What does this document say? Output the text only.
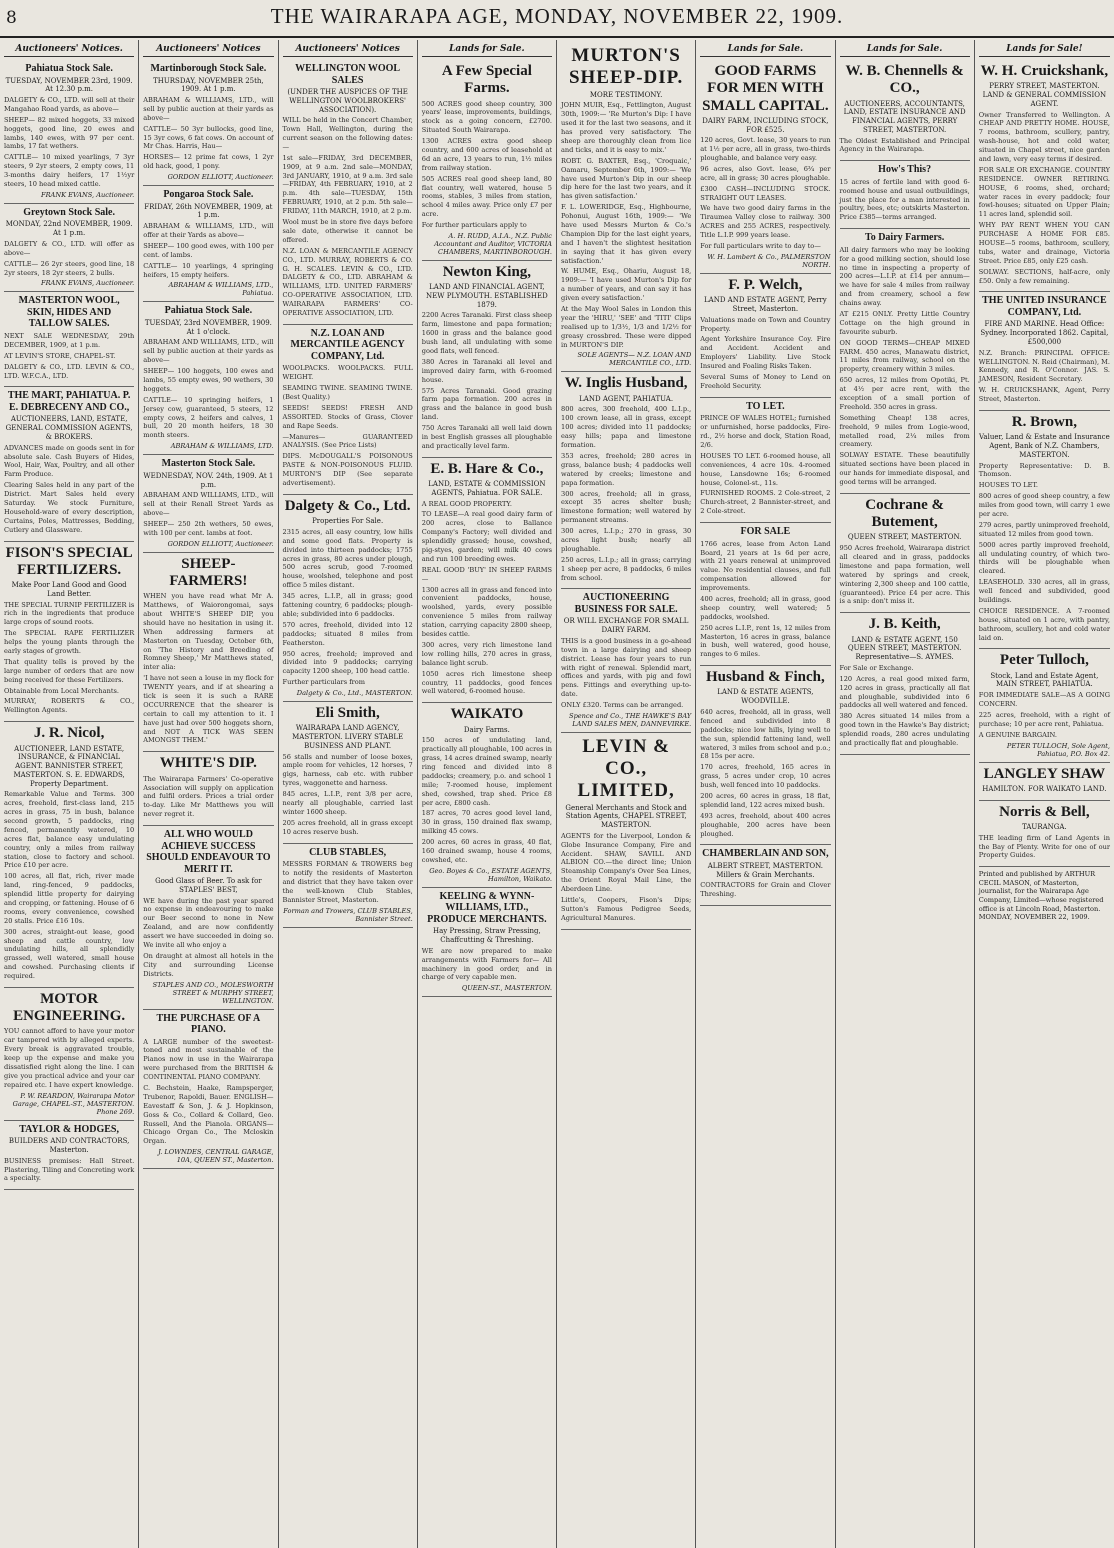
8	THE WAIRARAPA AGE, MONDAY, NOVEMBER 22, 1909.
Auctioneers' Notices.
Pahiatua Stock Sale.
TUESDAY, NOVEMBER 23rd, 1909. At 12.30 p.m.

DALGETY & CO., LTD. will sell at their Mangahao Road yards, as above—

SHEEP— 82 mixed hoggets, 33 mixed hoggets, good line, 20 ewes and lambs, 140 ewes, with 97 per cent. lambs, 17 fat wethers.

CATTLE— 10 mixed yearlings, 7 3yr steers, 9 2yr steers, 2 empty cows, 11 3-months dairy heifers, 17 1½yr steers, 10 head mixed cattle.

FRANK EVANS, Auctioneer.
Greytown Stock Sale.
MONDAY, 22nd NOVEMBER, 1909. At 1 p.m.

DALGETY & CO., LTD. will offer as above—

CATTLE— 26 2yr steers, good line, 18 2yr steers, 18 2yr steers, 2 bulls.

FRANK EVANS, Auctioneer.
MASTERTON WOOL, SKIN, HIDES AND TALLOW SALES.

NEXT SALE WEDNESDAY, 29th DECEMBER, 1909, at 1 p.m.

AT LEVIN'S STORE, CHAPEL-ST.

DALGETY & CO., LTD. LEVIN & CO., LTD. W.F.C.A., LTD.

THE MART, PAHIATUA. P. E. DEBRECENY AND CO.,
AUCTIONEERS, LAND, ESTATE, GENERAL COMMISSION AGENTS, & BROKERS.

ADVANCES made on goods sent in for absolute sale. Cash Buyers of Hides, Wool, Hair, Wax, Poultry, and all other Farm Produce.

Clearing Sales held in any part of the District. Mart Sales held every Saturday. We stock Furniture, Household-ware of every description, Curtains, Poles, Mattresses, Bedding, Cutlery and Glassware.

FISON'S SPECIAL FERTILIZERS.
Make Poor Land Good and Good Land Better.

THE SPECIAL TURNIP FERTILIZER is rich in the ingredients that produce large crops of sound roots.

The SPECIAL RAPE FERTILIZER helps the young plants through the early stages of growth.

That quality tells is proved by the large number of orders that are now being received for these Fertilizers.

Obtainable from Local Merchants.

MURRAY, ROBERTS & CO., Wellington Agents.

J. R. Nicol,
AUCTIONEER, LAND ESTATE, INSURANCE, & FINANCIAL AGENT. BANNISTER STREET, MASTERTON. S. E. EDWARDS, Property Department.

Remarkable Value and Terms. 300 acres, freehold, first-class land, 215 acres in grass, 75 in bush, balance second growth, 5 paddocks, ring fenced, permanently watered, 10 acres flat, balance easy undulating country, only a miles from railway station, close to factory and school. Price £10 per acre.

100 acres, all flat, rich, river made land, ring-fenced, 9 paddocks, splendid little property for dairying and cropping, or fattening. House of 6 rooms, every convenience, cowshed 20 stalls. Price £16 10s.

300 acres, straight-out lease, good sheep and cattle country, low undulating hills, all splendidly grassed, well watered, small house and cowshed. Purchasing clients if required.

MOTOR ENGINEERING.

YOU cannot afford to have your motor car tampered with by alleged experts. Every break is aggravated trouble, keep up the expense and make you dissatisfied right along the line. I can give you practical advice and your car repaired etc. I have expert knowledge.

P. W. REARDON, Wairarapa Motor Garage, CHAPEL-ST., MASTERTON. Phone 269.
TAYLOR & HODGES,
BUILDERS AND CONTRACTORS, Masterton.

BUSINESS premises: Hall Street. Plastering, Tiling and Concreting work a specialty.

Auctioneers' Notices
Martinborough Stock Sale.
THURSDAY, NOVEMBER 25th, 1909. At 1 p.m.

ABRAHAM & WILLIAMS, LTD., will sell by public auction at their yards as above—

CATTLE— 50 3yr bullocks, good line, 15 3yr cows, 6 fat cows. On account of Mr Chas. Harris, Hau—

HORSES— 12 prime fat cows, 1 2yr old hack, good, 1 pony.

GORDON ELLIOTT, Auctioneer.
Pongaroa Stock Sale.
FRIDAY, 26th NOVEMBER, 1909, at 1 p.m.

ABRAHAM & WILLIAMS, LTD., will offer at their Yards as above—

SHEEP— 100 good ewes, with 100 per cent. of lambs.

CATTLE— 10 yearlings, 4 springing heifers, 15 empty heifers.

ABRAHAM & WILLIAMS, LTD., Pahiatua.
Pahiatua Stock Sale.
TUESDAY, 23rd NOVEMBER, 1909. At 1 o'clock.

ABRAHAM AND WILLIAMS, LTD., will sell by public auction at their yards as above—

SHEEP— 100 hoggets, 100 ewes and lambs, 55 empty ewes, 90 wethers, 30 hoggets.

CATTLE— 10 springing heifers, 1 Jersey cow, guaranteed, 5 steers, 12 empty cows, 2 heifers and calves, 1 bull, 20 20 month heifers, 18 30 month steers.

ABRAHAM & WILLIAMS, LTD.
Masterton Stock Sale.
WEDNESDAY, NOV. 24th, 1909. At 1 p.m.

ABRAHAM AND WILLIAMS, LTD., will sell at their Renall Street Yards as above—

SHEEP— 250 2th wethers, 50 ewes, with 100 per cent. lambs at foot.

GORDON ELLIOTT, Auctioneer.
SHEEP-FARMERS!

WHEN you have read what Mr A. Matthews, of Waiorongomai, says about WHITE'S SHEEP DIP, you should have no hesitation in using it. When addressing farmers at Masterton on Tuesday, October 6th, on 'The History and Breeding of Romney Sheep,' Mr Matthews stated, inter alia:

'I have not seen a louse in my flock for TWENTY years, and if at shearing a tick is seen it is such a RARE OCCURRENCE that the shearer is certain to call my attention to it. I have just had over 500 hoggets shorn, and NOT A TICK WAS SEEN AMONGST THEM.'

WHITE'S DIP.

The Wairarapa Farmers' Co-operative Association will supply on application and fulfil orders. Prices a trial order to-day. Like Mr Matthews you will never regret it.

ALL WHO WOULD ACHIEVE SUCCESS SHOULD ENDEAVOUR TO MERIT IT.
Good Glass of Beer. To ask for STAPLES' BEST,

WE have during the past year spared no expense in endeavouring to make our Beer second to none in New Zealand, and are now confidently assert we have succeeded in doing so. We invite all who enjoy a

On draught at almost all hotels in the City and surrounding License Districts.

STAPLES AND CO., MOLESWORTH STREET & MURPHY STREET, WELLINGTON.
THE PURCHASE OF A PIANO.

A LARGE number of the sweetest-toned and most sustainable of the Pianos now in use in the Wairarapa were purchased from the BRITISH & CONTINENTAL PIANO COMPANY.

C. Bechstein, Haake, Rampsperger, Trubenor, Rapoldi, Bauer. ENGLISH— Eavestaff & Son, J. & J. Hopkinson, Goss & Co., Collard & Collard, Geo. Russell, And the Pianola. ORGANS— Chicago Organ Co., The Mcloskin Organ.

J. LOWNDES, CENTRAL GARAGE, 10A, QUEEN ST., Masterton.
Auctioneers' Notices
WELLINGTON WOOL SALES
(UNDER THE AUSPICES OF THE WELLINGTON WOOLBROKERS' ASSOCIATION).

WILL be held in the Concert Chamber, Town Hall, Wellington, during the current season on the following dates:—

1st sale—FRIDAY, 3rd DECEMBER, 1909, at 9 a.m. 2nd sale—MONDAY, 3rd JANUARY, 1910, at 9 a.m. 3rd sale—FRIDAY, 4th FEBRUARY, 1910, at 2 p.m. 4th sale—TUESDAY, 15th FEBRUARY, 1910, at 2 p.m. 5th sale—FRIDAY, 11th MARCH, 1910, at 2 p.m.

Wool must be in store five days before sale date, otherwise it cannot be offered.

N.Z. LOAN & MERCANTILE AGENCY CO., LTD. MURRAY, ROBERTS & CO. G. H. SCALES. LEVIN & CO., LTD. DALGETY & CO., LTD. ABRAHAM & WILLIAMS, LTD. UNITED FARMERS' CO-OPERATIVE ASSOCIATION, LTD. WAIRARAPA FARMERS' CO-OPERATIVE ASSOCIATION, LTD.

N.Z. LOAN AND MERCANTILE AGENCY COMPANY, Ltd.

WOOLPACKS. WOOLPACKS. FULL WEIGHT.

SEAMING TWINE. SEAMING TWINE. (Best Quality.)

SEEDS! SEEDS! FRESH AND ASSORTED. Stocks of Grass, Clover and Rape Seeds.

—Manures— GUARANTEED ANALYSIS. (See Price Lists)

DIPS. McDOUGALL'S POISONOUS PASTE & NON-POISONOUS FLUID. MURTON'S DIP (See separate advertisement).

Dalgety & Co., Ltd.
Properties For Sale.

2315 acres, all easy country, low hills and some good flats. Property is divided into thirteen paddocks; 1755 acres in grass, 80 acres under plough, 500 acres scrub, good 7-roomed house, woolshed, telephone and post office 5 miles distant.

345 acres, L.I.P., all in grass; good fattening country, 6 paddocks; plough-able; subdivided into 6 paddocks.

570 acres, freehold, divided into 12 paddocks; situated 8 miles from Featherston.

950 acres, freehold; improved and divided into 9 paddocks; carrying capacity 1200 sheep, 100 head cattle.

Further particulars from

Dalgety & Co., Ltd., MASTERTON.
Eli Smith,
WAIRARAPA LAND AGENCY, MASTERTON. LIVERY STABLE BUSINESS AND PLANT.

56 stalls and number of loose boxes, ample room for vehicles, 12 horses, 7 gigs, harness, cab etc. with rubber tyres, waggonette and harness.

845 acres, L.I.P., rent 3/8 per acre, nearly all ploughable, carried last winter 1600 sheep.

205 acres freehold, all in grass except 10 acres reserve bush.

CLUB STABLES,

MESSRS FORMAN & TROWERS beg to notify the residents of Masterton and district that they have taken over the well-known Club Stables, Bannister Street, Masterton.

Forman and Trowers, CLUB STABLES, Bannister Street.
Lands for Sale.
A Few Special Farms.

500 ACRES good sheep country, 300 years' lease, improvements, buildings, stock as a going concern, £2700. Situated South Wairarapa.

1300 ACRES extra good sheep country, and 600 acres of leasehold at 6d an acre, 13 years to run, 1½ miles from railway station.

505 ACRES real good sheep land, 80 flat country, well watered, house 5 rooms, stables, 3 miles from station, school 4 miles away. Price only £7 per acre.

For further particulars apply to

A. H. RUDD, A.I.A., N.Z. Public Accountant and Auditor, VICTORIA CHAMBERS, MARTINBOROUGH.
Newton King,
LAND AND FINANCIAL AGENT, NEW PLYMOUTH. ESTABLISHED 1879.

2200 Acres Taranaki. First class sheep farm, limestone and papa formation; 1600 in grass and the balance good bush land, all undulating with some good flats, well fenced.

380 Acres in Taranaki all level and improved dairy farm, with 6-roomed house.

575 Acres Taranaki. Good grazing farm papa formation. 200 acres in grass and the balance in good bush land.

750 Acres Taranaki all well laid down in best English grasses all ploughable and practically level farm.

E. B. Hare & Co.,
LAND, ESTATE & COMMISSION AGENTS, Pahiatua. FOR SALE.

A REAL GOOD PROPERTY.

TO LEASE—A real good dairy farm of 200 acres, close to Ballance Company's Factory; well divided and splendidly grassed; house, cowshed, pig-styes, garden; will milk 40 cows and run 100 breeding ewes.

REAL GOOD 'BUY' IN SHEEP FARMS—

1300 acres all in grass and fenced into convenient paddocks, house, woolshed, yards, every possible convenience 5 miles from railway station, carrying capacity 2800 sheep, besides cattle.

300 acres, very rich limestone land low rolling hills, 270 acres in grass, balance light scrub.

1050 acres rich limestone sheep country, 11 paddocks, good fences well watered, 6-roomed house.

WAIKATO
Dairy Farms.

150 acres of undulating land, practically all ploughable, 100 acres in grass, 14 acres drained swamp, nearly ring fenced and divided into 8 paddocks; creamery, p.o. and school 1 mile; 7-roomed house, implement shed, cowshed, trap shed. Price £8 per acre, £800 cash.

187 acres, 70 acres good level land, 30 in grass, 150 drained flax swamp, milking 45 cows.

200 acres, 60 acres in grass, 40 flat, 160 drained swamp, house 4 rooms, cowshed, etc.

Geo. Boyes & Co., ESTATE AGENTS, Hamilton, Waikato.
KEELING & WYNN-WILLIAMS, LTD., PRODUCE MERCHANTS.
Hay Pressing, Straw Pressing, Chaffcutting & Threshing.

WE are now prepared to make arrangements with Farmers for— All machinery in good order, and in charge of very capable men.

QUEEN-ST., MASTERTON.
MURTON'S SHEEP-DIP.
MORE TESTIMONY.

JOHN MUIR, Esq., Fettlington, August 30th, 1909:— 'Re Murton's Dip: I have used it for the last two seasons, and it has proved very satisfactory. The sheep are thoroughly clean from lice and ticks, and it is easy to mix.'

ROBT. G. BAXTER, Esq., 'Croquaic,' Oamaru, September 6th, 1909:— 'We have used Murton's Dip in our sheep dip here for the last two years, and it has given satisfaction.'

F. L. LOWERIDGE, Esq., Highbourne, Pohonui, August 16th, 1909:— 'We have used Messrs Murton & Co.'s Champion Dip for the last eight years, and I haven't the slightest hesitation in saying that it has given every satisfaction.'

W. HUME, Esq., Ohariu, August 18, 1909:— 'I have used Murton's Dip for a number of years, and can say it has given every satisfaction.'

At the May Wool Sales in London this year the 'HIRU,' 'SEE' and 'TITI' Clips realised up to 1/3½, 1/3 and 1/2½ for greasy crossbred. These were dipped in MURTON'S DIP.

SOLE AGENTS— N.Z. LOAN AND MERCANTILE CO., LTD.
W. Inglis Husband,
LAND AGENT, PAHIATUA.

800 acres, 300 freehold, 400 L.I.p., 100 crown lease, all in grass, except 100 acres; divided into 11 paddocks; easy hills; papa and limestone formation.

353 acres, freehold; 280 acres in grass, balance bush; 4 paddocks well watered by creeks; limestone and papa formation.

300 acres, freehold; all in grass, except 35 acres shelter bush; limestone formation; well watered by permanent streams.

300 acres, L.I.p.; 270 in grass, 30 acres light bush; nearly all ploughable.

250 acres, L.I.p.; all in grass; carrying 1 sheep per acre, 8 paddocks, 6 miles from school.

AUCTIONEERING BUSINESS FOR SALE.
OR WILL EXCHANGE FOR SMALL DAIRY FARM.

THIS is a good business in a go-ahead town in a large dairying and sheep district. Lease has four years to run with right of renewal. Splendid mart, offices and yards, with pig and fowl pens. Fittings and everything up-to-date.

ONLY £320. Terms can be arranged.

Spence and Co., THE HAWKE'S BAY LAND SALES MEN, DANNEVIRKE.
LEVIN & CO., LIMITED,
General Merchants and Stock and Station Agents, CHAPEL STREET, MASTERTON.

AGENTS for the Liverpool, London & Globe Insurance Company, Fire and Accident. SHAW, SAVILL AND ALBION CO.—the direct line; Union Steamship Company's Over Sea Lines, the Orient Royal Mail Line, the Aberdeen Line.

Little's, Coopers, Fison's Dips; Sutton's Famous Pedigree Seeds, Agricultural Manures.

Lands for Sale.
GOOD FARMS FOR MEN WITH SMALL CAPITAL.
DAIRY FARM, INCLUDING STOCK, FOR £525.

120 acres, Govt. lease, 30 years to run at 1½ per acre, all in grass, two-thirds ploughable, and balance very easy.

96 acres, also Govt. lease, 6¾ per acre, all in grass; 30 acres ploughable.

£300 CASH—INCLUDING STOCK. STRAIGHT OUT LEASES.

We have two good dairy farms in the Tiraumea Valley close to railway. 300 ACRES and 255 ACRES, respectively. Title L.I.P. 999 years lease.

For full particulars write to day to—

W. H. Lambert & Co., PALMERSTON NORTH.
F. P. Welch,
LAND AND ESTATE AGENT, Perry Street, Masterton.

Valuations made on Town and Country Property.

Agent Yorkshire Insurance Coy. Fire and Accident. Accident and Employers' Liability. Live Stock Insured and Foaling Risks Taken.

Several Sums of Money to Lend on Freehold Security.

TO LET.

PRINCE OF WALES HOTEL; furnished or unfurnished, horse paddocks, Fire-rd., 2½ horse and dock, Station Road, 2/6.

HOUSES TO LET. 6-roomed house, all conveniences, 4 acre 10s. 4-roomed house, Lansdowne 16s; 6-roomed house, Colonel-st., 11s.

FURNISHED ROOMS. 2 Cole-street, 2 Church-street, 2 Bannister-street, and 2 Cole-street.

FOR SALE

1766 acres, lease from Acton Land Board, 21 years at 1s 6d per acre, with 21 years renewal at unimproved value. No residential clauses, and full compensation allowed for improvements.

400 acres, freehold; all in grass, good sheep country, well watered; 5 paddocks, woolshed.

250 acres L.I.P., rent 1s, 12 miles from Masterton, 16 acres in grass, balance in bush, well watered, good house, ranges to 6 miles.

Husband & Finch,
LAND & ESTATE AGENTS, WOODVILLE.

640 acres, freehold, all in grass, well fenced and subdivided into 8 paddocks; nice low hills, lying well to the sun, splendid fattening land, well watered, 3 miles from school and p.o.; £8 15s per acre.

170 acres, freehold, 165 acres in grass, 5 acres under crop, 10 acres bush, well fenced into 10 paddocks.

200 acres, 60 acres in grass, 18 flat, splendid land, 122 acres mixed bush.

493 acres, freehold, about 400 acres ploughable, 200 acres have been ploughed.

CHAMBERLAIN AND SON,
ALBERT STREET, MASTERTON. Millers & Grain Merchants.

CONTRACTORS for Grain and Clover Threshing.

Lands for Sale.
W. B. Chennells & CO.,
AUCTIONEERS, ACCOUNTANTS, LAND, ESTATE INSURANCE AND FINANCIAL AGENTS, PERRY STREET, MASTERTON.

The Oldest Established and Principal Agency in the Wairarapa.

How's This?

15 acres of fertile land with good 6-roomed house and usual outbuildings, just the place for a man interested in poultry, bees, etc; outskirts Masterton. Price £385—terms arranged.

To Dairy Farmers.

All dairy farmers who may be looking for a good milking section, should lose no time in inspecting a property of 200 acres—L.I.P. at £14 per annum—we have for sale 4 miles from railway and from creamery, school a few chains away.

AT £215 ONLY. Pretty Little Country Cottage on the high ground in favourite suburb.

ON GOOD TERMS—CHEAP MIXED FARM. 450 acres, Manawatu district, 11 miles from railway, school on the property, creamery within 3 miles.

650 acres, 12 miles from Opotiki, Pt. at 4½ per acre rent, with the exception of a small portion of Freehold. 350 acres in grass.

Something Cheap! 138 acres, freehold, 9 miles from Logie-wood, metalled road, 2¼ miles from creamery.

SOLWAY ESTATE. These beautifully situated sections have been placed in our hands for immediate disposal, and good terms will be arranged.

Cochrane & Butement,
QUEEN STREET, MASTERTON.

950 Acres freehold, Wairarapa district all cleared and in grass, paddocks limestone and papa formation, well watered by springs and creek, wintering 2,300 sheep and 100 cattle, (guaranteed). Price £4 per acre. This is a snip: don't miss it.

J. B. Keith,
LAND & ESTATE AGENT, 150 QUEEN STREET, MASTERTON. Representative—S. AYMES.

For Sale or Exchange.

120 Acres, a real good mixed farm, 120 acres in grass, practically all flat and ploughable, subdivided into 6 paddocks all well watered and fenced.

380 Acres situated 14 miles from a good town in the Hawke's Bay district; splendid roads, 280 acres undulating and practically flat and ploughable.

Lands for Sale!
W. H. Cruickshank,
PERRY STREET, MASTERTON. LAND & GENERAL COMMISSION AGENT.

Owner Transferred to Wellington. A CHEAP AND PRETTY HOME. HOUSE, 7 rooms, bathroom, scullery, pantry, wash-house, hot and cold water, situated in Chapel street, nice garden and lawn, very easy terms if desired.

FOR SALE OR EXCHANGE. COUNTRY RESIDENCE. OWNER RETIRING. HOUSE, 6 rooms, shed, orchard; water races in every paddock; four fowl-houses; situated on Upper Plain; 11 acres land, splendid soil.

WHY PAY RENT WHEN YOU CAN PURCHASE A HOME FOR £85. HOUSE—5 rooms, bathroom, scullery, tubs, water and drainage, Victoria Street. Price £85, only £25 cash.

SOLWAY. SECTIONS, half-acre, only £50. Only a few remaining.

THE UNITED INSURANCE COMPANY, Ltd.
FIRE AND MARINE. Head Office: Sydney. Incorporated 1862. Capital, £500,000

N.Z. Branch: PRINCIPAL OFFICE: WELLINGTON. N. Reid (Chairman), M. Kennedy, and R. O'Connor. JAS. S. JAMESON, Resident Secretary.

W. H. CRUICKSHANK, Agent, Perry Street, Masterton.

R. Brown,
Valuer, Land & Estate and Insurance Agent, Bank of N.Z. Chambers, MASTERTON.

Property Representative: D. B. Thomson.

HOUSES TO LET.

800 acres of good sheep country, a few miles from good town, will carry 1 ewe per acre.

279 acres, partly unimproved freehold, situated 12 miles from good town.

5000 acres partly improved freehold, all undulating country, of which two-thirds will be ploughable when cleared.

LEASEHOLD. 330 acres, all in grass, well fenced and subdivided, good buildings.

CHOICE RESIDENCE. A 7-roomed house, situated on 1 acre, with pantry, bathroom, scullery, hot and cold water laid on.

Peter Tulloch,
Stock, Land and Estate Agent, MAIN STREET, PAHIATUA.

FOR IMMEDIATE SALE—AS A GOING CONCERN.

225 acres, freehold, with a right of purchase; 10 per acre rent, Pahiatua.

A GENUINE BARGAIN.

PETER TULLOCH, Sole Agent, Pahiatua, P.O. Box 42.
LANGLEY SHAW
HAMILTON. FOR WAIKATO LAND.
Norris & Bell,
TAURANGA.

THE leading firm of Land Agents in the Bay of Plenty. Write for one of our Property Guides.

Printed and published by ARTHUR CECIL MASON, of Masterton, journalist, for the Wairarapa Age Company, Limited—whose registered office is at Lincoln Road, Masterton. MONDAY, NOVEMBER 22, 1909.
